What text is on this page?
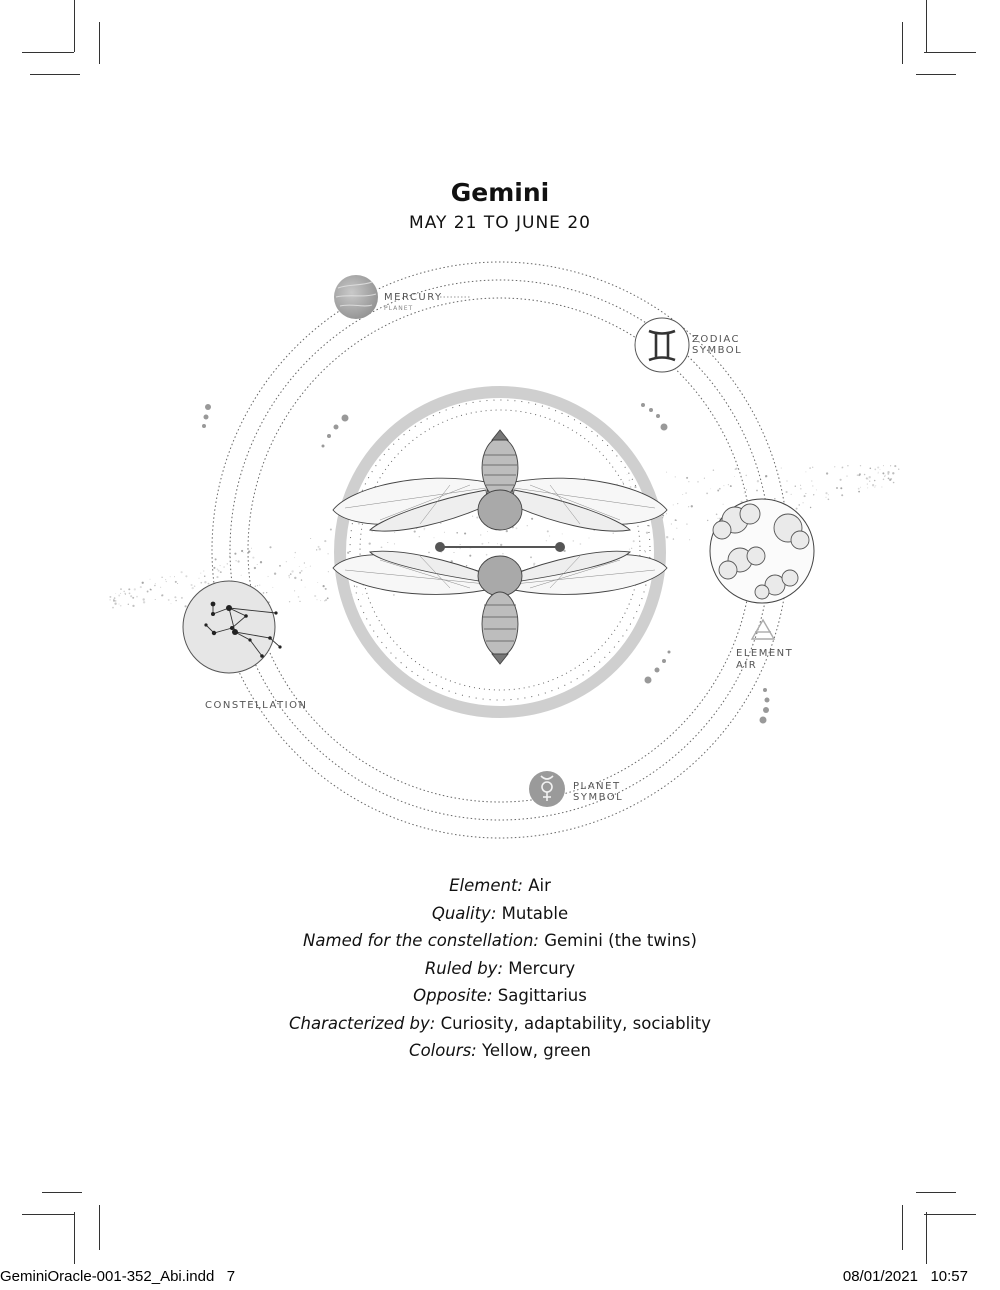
Gemini
MAY 21 TO JUNE 20
MERCURY
PLANET
ZODIAC
SYMBOL
ELEMENT
AIR
CONSTELLATION
PLANET
SYMBOL
Element: Air
Quality: Mutable
Named for the constellation: Gemini (the twins)
Ruled by: Mercury
Opposite: Sagittarius
Characterized by: Curiosity, adaptability, sociablity
Colours: Yellow, green
GeminiOracle-001-352_Abi.indd   7	08/01/2021   10:57
